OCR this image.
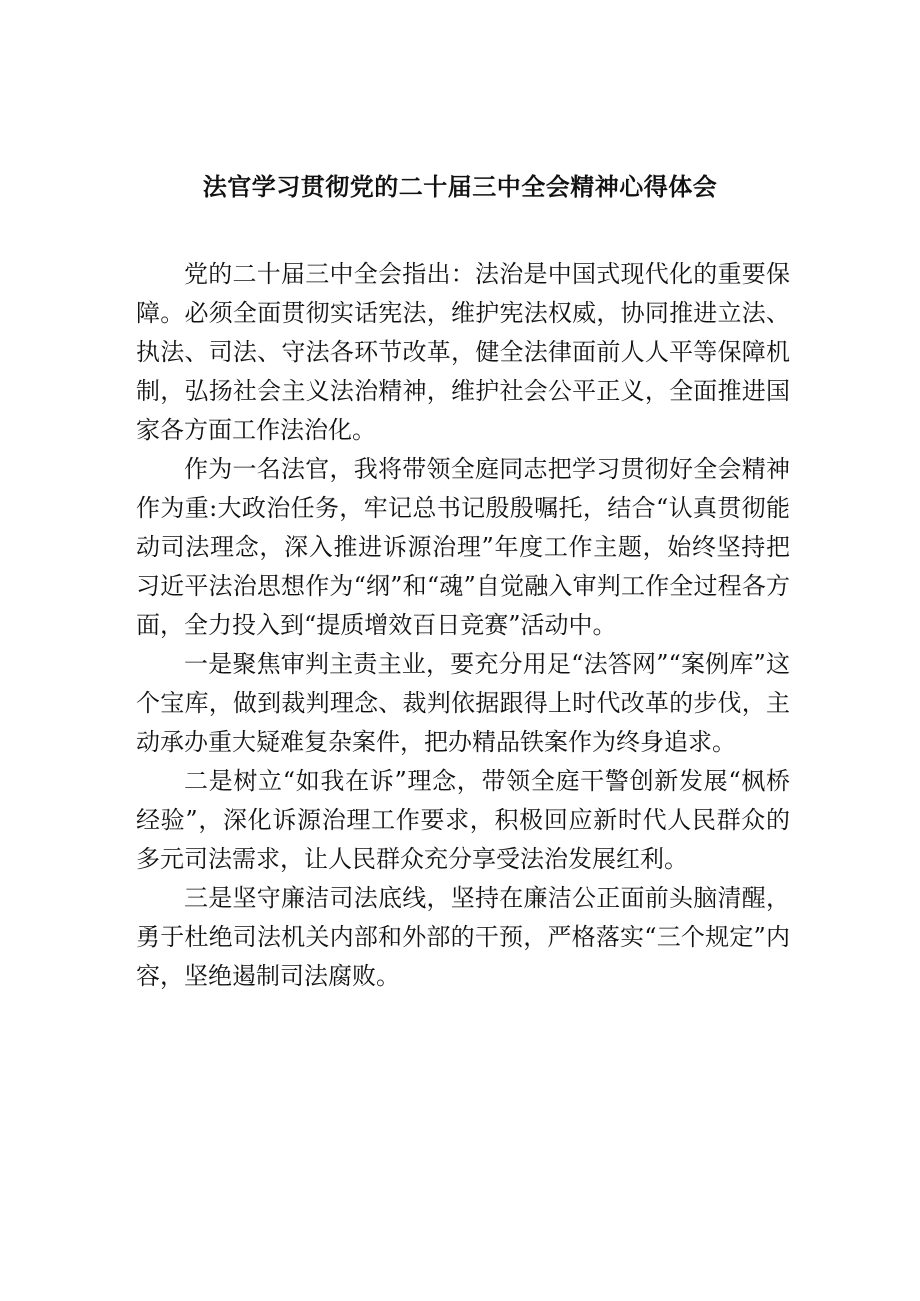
法官学习贯彻党的二十届三中全会精神心得体会

党的二十届三中全会指出：法治是中国式现代化的重要保障。必须全面贯彻实话宪法，维护宪法权威，协同推进立法、执法、司法、守法各环节改革，健全法律面前人人平等保障机制，弘扬社会主义法治精神，维护社会公平正义，全面推进国家各方面工作法治化。

作为一名法官，我将带领全庭同志把学习贯彻好全会精神作为重:大政治任务，牢记总书记殷殷嘱托，结合“认真贯彻能动司法理念，深入推进诉源治理”年度工作主题，始终坚持把习近平法治思想作为“纲”和“魂”自觉融入审判工作全过程各方面，全力投入到“提质增效百日竞赛”活动中。

一是聚焦审判主责主业，要充分用足“法答网”“案例库”这个宝库，做到裁判理念、裁判依据跟得上时代改革的步伐，主动承办重大疑难复杂案件，把办精品铁案作为终身追求。

二是树立“如我在诉”理念，带领全庭干警创新发展“枫桥经验”，深化诉源治理工作要求，积极回应新时代人民群众的多元司法需求，让人民群众充分享受法治发展红利。

三是坚守廉洁司法底线，坚持在廉洁公正面前头脑清醒，勇于杜绝司法机关内部和外部的干预，严格落实“三个规定”内容，坚绝遏制司法腐败。
